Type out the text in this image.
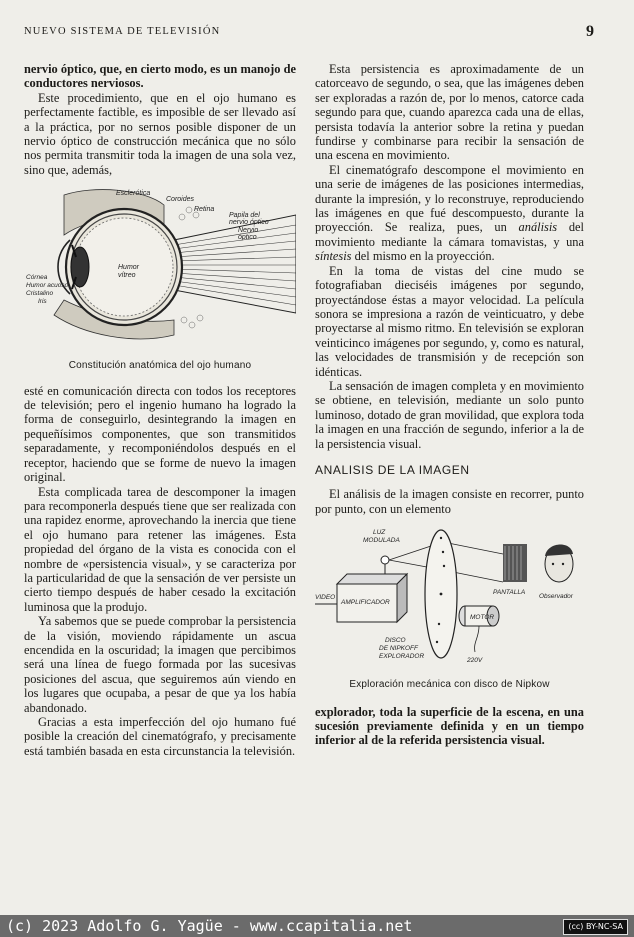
NUEVO SISTEMA DE TELEVISIÓN	9

nervio óptico, que, en cierto modo, es un manojo de conductores nerviosos.

Este procedimiento, que en el ojo humano es perfectamente factible, es imposible de ser llevado así a la práctica, por no sernos posible disponer de un nervio óptico de construcción mecánica que no sólo nos permita transmitir toda la imagen de una sola vez, sino que, además,

Esclerótica
Coroides
Retina
Papila del
nervio óptico
Nervio
óptico
Humor
vítreo
Córnea
Humor acuoso
Cristalino
Iris
Constitución anatómica del ojo humano

esté en comunicación directa con todos los receptores de televisión; pero el ingenio humano ha logrado la forma de conseguirlo, desintegrando la imagen en pequeñísimos componentes, que son transmitidos separadamente, y recomponiéndolos después en el receptor, haciendo que se forme de nuevo la imagen original.

Esta complicada tarea de descomponer la imagen para recomponerla después tiene que ser realizada con una rapidez enorme, aprovechando la inercia que tiene el ojo humano para retener las imágenes. Esta propiedad del órgano de la vista es conocida con el nombre de «persistencia visual», y se caracteriza por la particularidad de que la sensación de ver persiste un cierto tiempo después de haber cesado la excitación luminosa que la produjo.

Ya sabemos que se puede comprobar la persistencia de la visión, moviendo rápidamente un ascua encendida en la oscuridad; la imagen que percibimos será una línea de fuego formada por las sucesivas posiciones del ascua, que seguiremos aún viendo en los lugares que ocupaba, a pesar de que ya los había abandonado.

Gracias a esta imperfección del ojo humano fué posible la creación del cinematógrafo, y precisamente está también basada en esta circunstancia la televisión.

Esta persistencia es aproximadamente de un catorceavo de segundo, o sea, que las imágenes deben ser exploradas a razón de, por lo menos, catorce cada segundo para que, cuando aparezca cada una de ellas, persista todavía la anterior sobre la retina y puedan fundirse y combinarse para recibir la sensación de una escena en movimiento.

El cinematógrafo descompone el movimiento en una serie de imágenes de las posiciones intermedias, durante la impresión, y lo reconstruye, reproduciendo las imágenes en que fué descompuesto, durante la proyección. Se realiza, pues, un análisis del movimiento mediante la cámara tomavistas, y una síntesis del mismo en la proyección.

En la toma de vistas del cine mudo se fotografiaban dieciséis imágenes por segundo, proyectándose éstas a mayor velocidad. La película sonora se impresiona a razón de veinticuatro, y debe proyectarse al mismo ritmo. En televisión se exploran veinticinco imágenes por segundo, y, como es natural, las velocidades de transmisión y de recepción son idénticas.

La sensación de imagen completa y en movimiento se obtiene, en televisión, mediante un solo punto luminoso, dotado de gran movilidad, que explora toda la imagen en una fracción de segundo, inferior a la de la persistencia visual.

ANALISIS DE LA IMAGEN

El análisis de la imagen consiste en recorrer, punto por punto, con un elemento

LUZ
MODULADA
PANTALLA
Observador
AMPLIFICADOR
VIDEO
MOTOR
220V
DISCO
DE NIPKOFF
EXPLORADOR
Exploración mecánica con disco de Nipkow

explorador, toda la superficie de la escena, en una sucesión previamente definida y en un tiempo inferior al de la referida persistencia visual.

(c) 2023 Adolfo G. Yagüe - www.ccapitalia.net	(cc) BY-NC-SA
